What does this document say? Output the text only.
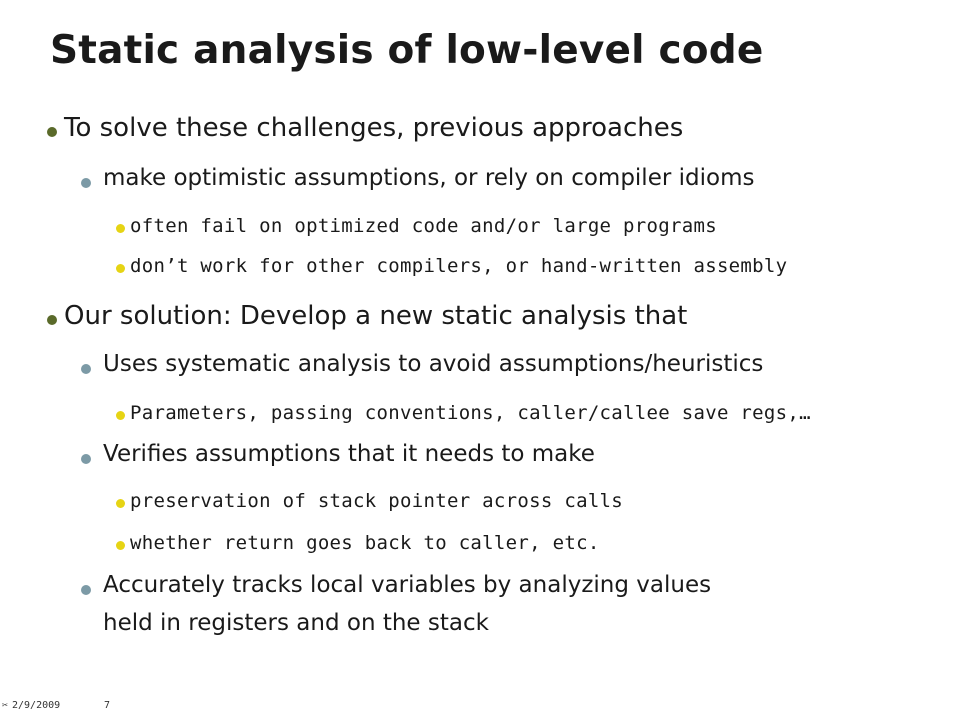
Static analysis of low-level code
To solve these challenges, previous approaches
make optimistic assumptions, or rely on compiler idioms
often fail on optimized code and/or large programs
don’t work for other compilers, or hand-written assembly
Our solution: Develop a new static analysis that
Uses systematic analysis to avoid assumptions/heuristics
Parameters, passing conventions, caller/callee save regs,…
Verifies assumptions that it needs to make
preservation of stack pointer across calls
whether return goes back to caller, etc.
Accurately tracks local variables by analyzing values
held in registers and on the stack
✂ 2/9/2009	7
